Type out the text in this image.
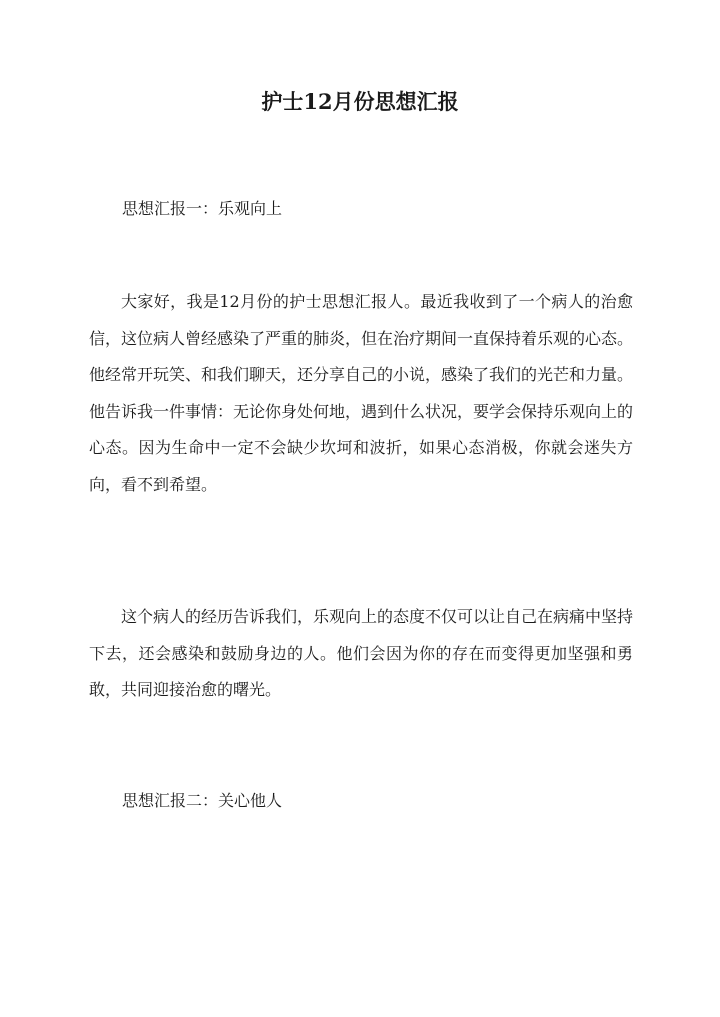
护士12月份思想汇报

思想汇报一：乐观向上

大家好，我是12月份的护士思想汇报人。最近我收到了一个病人的治愈信，这位病人曾经感染了严重的肺炎，但在治疗期间一直保持着乐观的心态。他经常开玩笑、和我们聊天，还分享自己的小说，感染了我们的光芒和力量。他告诉我一件事情：无论你身处何地，遇到什么状况，要学会保持乐观向上的心态。因为生命中一定不会缺少坎坷和波折，如果心态消极，你就会迷失方向，看不到希望。

这个病人的经历告诉我们，乐观向上的态度不仅可以让自己在病痛中坚持下去，还会感染和鼓励身边的人。他们会因为你的存在而变得更加坚强和勇敢，共同迎接治愈的曙光。

思想汇报二：关心他人
